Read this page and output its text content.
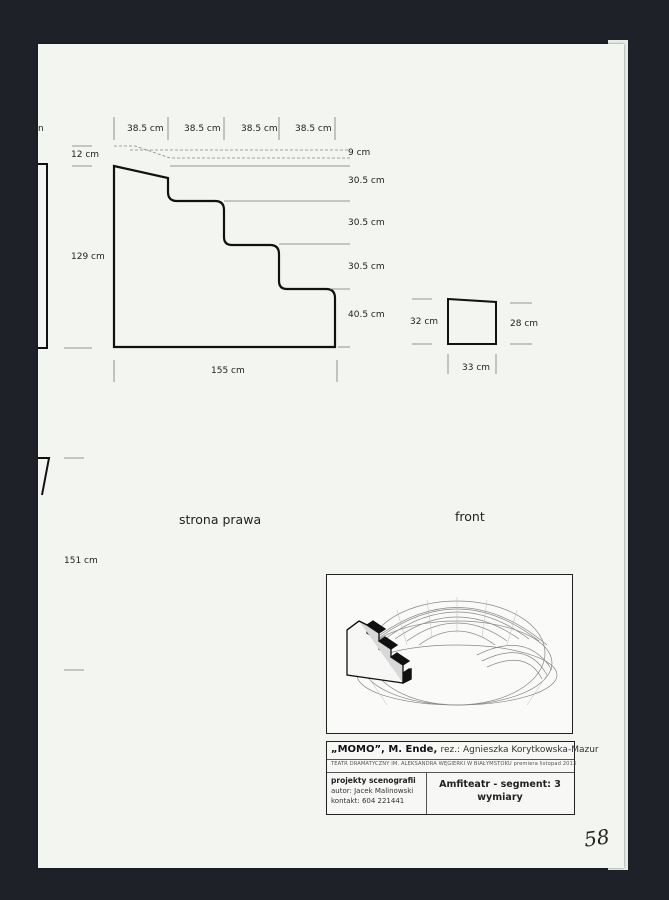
n	38.5 cm 38.5 cm 38.5 cm 38.5 cm
12 cm	9 cm
30.5 cm
30.5 cm
30.5 cm
40.5 cm
129 cm
155 cm
32 cm	28 cm
33 cm
151 cm
strona prawa	front
„MOMO”, M. Ende, rez.: Agnieszka Korytkowska-Mazur
TEATR DRAMATYCZNY IM. ALEKSANDRA WĘGIERKI W BIAŁYMSTOKU premiera listopad 2013
projekty scenografii
autor: Jacek Malinowski
kontakt: 604 221441
Amfiteatr - segment: 3
wymiary
58
